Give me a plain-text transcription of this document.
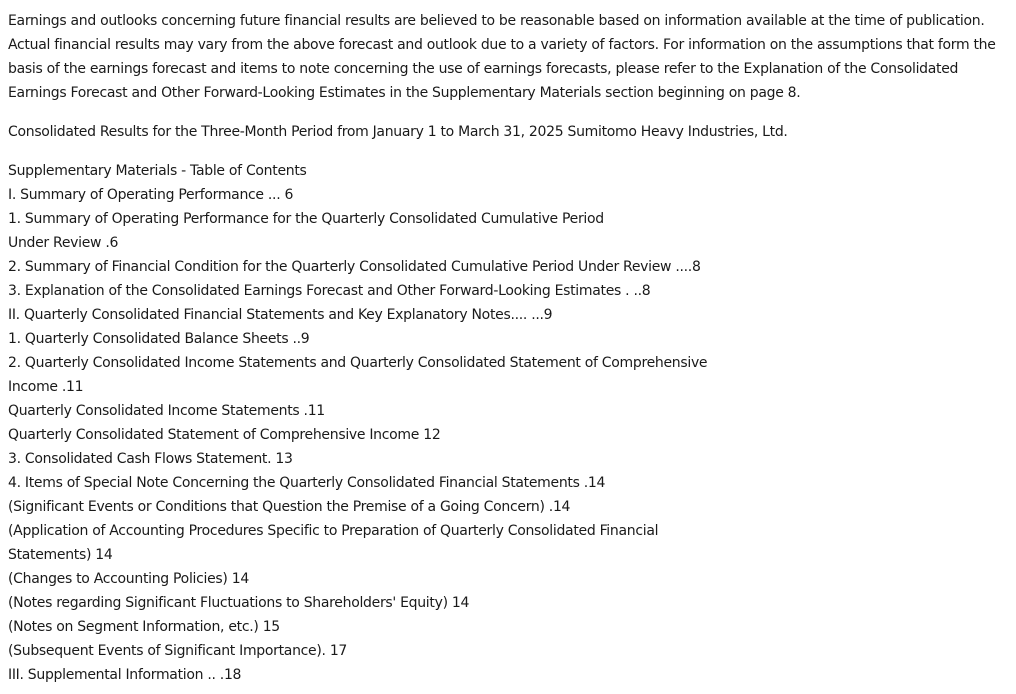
Earnings and outlooks concerning future financial results are believed to be reasonable based on information available at the time of publication. Actual financial results may vary from the above forecast and outlook due to a variety of factors. For information on the assumptions that form the basis of the earnings forecast and items to note concerning the use of earnings forecasts, please refer to the Explanation of the Consolidated Earnings Forecast and Other Forward-Looking Estimates in the Supplementary Materials section beginning on page 8.

Consolidated Results for the Three-Month Period from January 1 to March 31, 2025 Sumitomo Heavy Industries, Ltd.

Supplementary Materials - Table of Contents
I. Summary of Operating Performance ... 6
1. Summary of Operating Performance for the Quarterly Consolidated Cumulative Period
Under Review .6
2. Summary of Financial Condition for the Quarterly Consolidated Cumulative Period Under Review ....8
3. Explanation of the Consolidated Earnings Forecast and Other Forward-Looking Estimates . ..8
II. Quarterly Consolidated Financial Statements and Key Explanatory Notes.... ...9
1. Quarterly Consolidated Balance Sheets ..9
2. Quarterly Consolidated Income Statements and Quarterly Consolidated Statement of Comprehensive
Income .11
Quarterly Consolidated Income Statements .11
Quarterly Consolidated Statement of Comprehensive Income 12
3. Consolidated Cash Flows Statement. 13
4. Items of Special Note Concerning the Quarterly Consolidated Financial Statements .14
(Significant Events or Conditions that Question the Premise of a Going Concern) .14
(Application of Accounting Procedures Specific to Preparation of Quarterly Consolidated Financial
Statements) 14
(Changes to Accounting Policies) 14
(Notes regarding Significant Fluctuations to Shareholders' Equity) 14
(Notes on Segment Information, etc.) 15
(Subsequent Events of Significant Importance). 17
III. Supplemental Information .. .18
